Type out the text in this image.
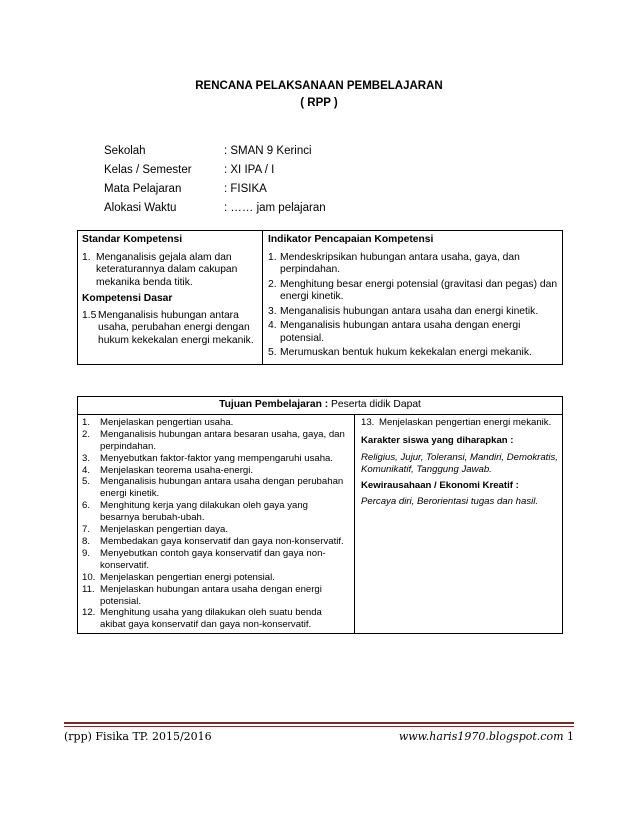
RENCANA PELAKSANAAN PEMBELAJARAN
( RPP )
Sekolah	: SMAN 9 Kerinci
Kelas / Semester	: XI IPA / I
Mata Pelajaran	: FISIKA
Alokasi Waktu	: …… jam pelajaran
Standar Kompetensi
1. Menganalisis gejala alam dan keteraturannya dalam cakupan mekanika benda titik.
Kompetensi Dasar
1.5 Menganalisis hubungan antara usaha, perubahan energi dengan hukum kekekalan energi mekanik.

Indikator Pencapaian Kompetensi
1. Mendeskripsikan hubungan antara usaha, gaya, dan perpindahan.
2. Menghitung besar energi potensial (gravitasi dan pegas) dan energi kinetik.
3. Menganalisis hubungan antara usaha dan energi kinetik.
4. Menganalisis hubungan antara usaha dengan energi potensial.
5. Merumuskan bentuk hukum kekekalan energi mekanik.
Tujuan Pembelajaran : Peserta didik Dapat

1. Menjelaskan pengertian usaha.
2. Menganalisis hubungan antara besaran usaha, gaya, dan perpindahan.
3. Menyebutkan faktor-faktor yang mempengaruhi usaha.
4. Menjelaskan teorema usaha-energi.
5. Menganalisis hubungan antara usaha dengan perubahan energi kinetik.
6. Menghitung kerja yang dilakukan oleh gaya yang besarnya berubah-ubah.
7. Menjelaskan pengertian daya.
8. Membedakan gaya konservatif dan gaya non-konservatif.
9. Menyebutkan contoh gaya konservatif dan gaya non-konservatif.
10. Menjelaskan pengertian energi potensial.
11. Menjelaskan hubungan antara usaha dengan energi potensial.
12. Menghitung usaha yang dilakukan oleh suatu benda akibat gaya konservatif dan gaya non-konservatif.

13. Menjelaskan pengertian energi mekanik.
Karakter siswa yang diharapkan :
Religius, Jujur, Toleransi, Mandiri, Demokratis, Komunikatif, Tanggung Jawab.
Kewirausahaan / Ekonomi Kreatif :
Percaya diri, Berorientasi tugas dan hasil.
(rpp) Fisika TP. 2015/2016	www.haris1970.blogspot.com 1
